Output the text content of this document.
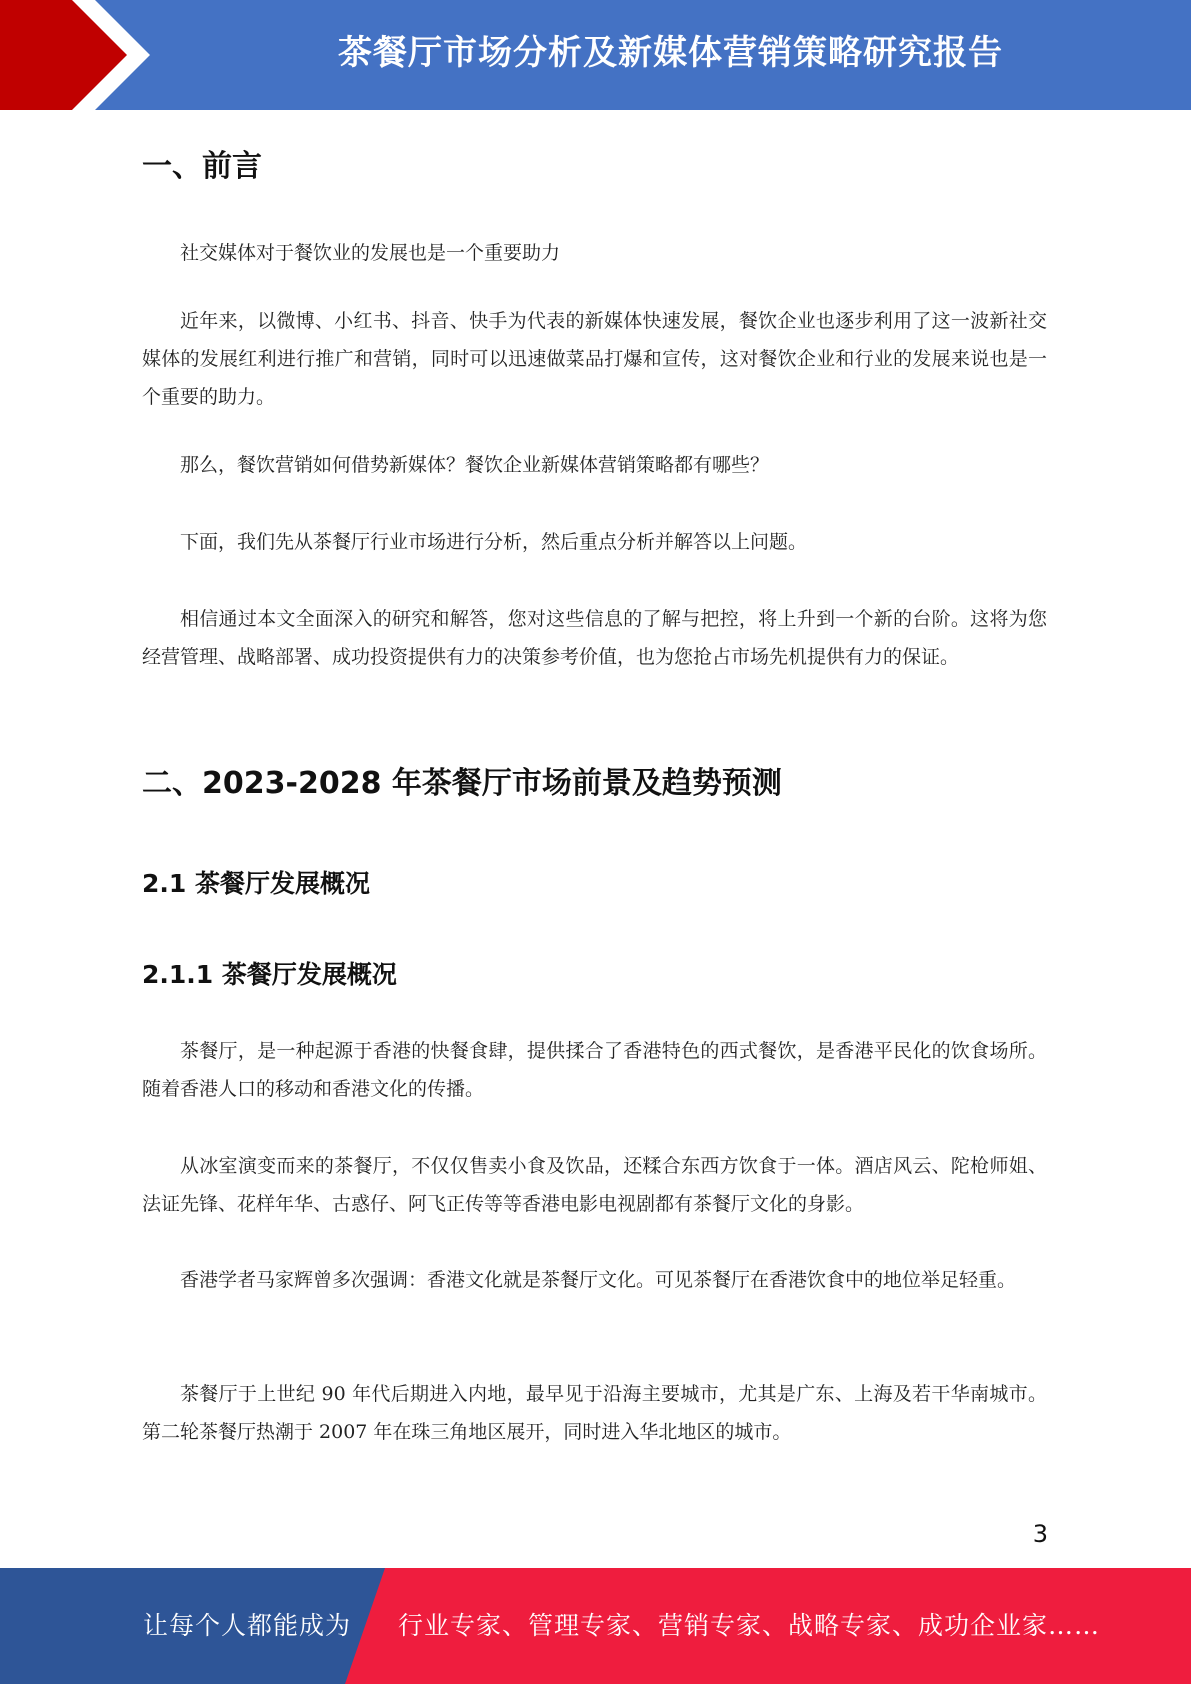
茶餐厅市场分析及新媒体营销策略研究报告
一、前言
社交媒体对于餐饮业的发展也是一个重要助力
近年来，以微博、小红书、抖音、快手为代表的新媒体快速发展，餐饮企业也逐步利用了这一波新社交媒体的发展红利进行推广和营销，同时可以迅速做菜品打爆和宣传，这对餐饮企业和行业的发展来说也是一个重要的助力。
那么，餐饮营销如何借势新媒体？餐饮企业新媒体营销策略都有哪些？
下面，我们先从茶餐厅行业市场进行分析，然后重点分析并解答以上问题。
相信通过本文全面深入的研究和解答，您对这些信息的了解与把控，将上升到一个新的台阶。这将为您经营管理、战略部署、成功投资提供有力的决策参考价值，也为您抢占市场先机提供有力的保证。
二、2023-2028 年茶餐厅市场前景及趋势预测
2.1 茶餐厅发展概况
2.1.1 茶餐厅发展概况
茶餐厅，是一种起源于香港的快餐食肆，提供揉合了香港特色的西式餐饮，是香港平民化的饮食场所。随着香港人口的移动和香港文化的传播。
从冰室演变而来的茶餐厅，不仅仅售卖小食及饮品，还糅合东西方饮食于一体。酒店风云、陀枪师姐、法证先锋、花样年华、古惑仔、阿飞正传等等香港电影电视剧都有茶餐厅文化的身影。
香港学者马家辉曾多次强调：香港文化就是茶餐厅文化。可见茶餐厅在香港饮食中的地位举足轻重。
茶餐厅于上世纪 90 年代后期进入内地，最早见于沿海主要城市，尤其是广东、上海及若干华南城市。第二轮茶餐厅热潮于 2007 年在珠三角地区展开，同时进入华北地区的城市。
3
让每个人都能成为 行业专家、管理专家、营销专家、战略专家、成功企业家……
